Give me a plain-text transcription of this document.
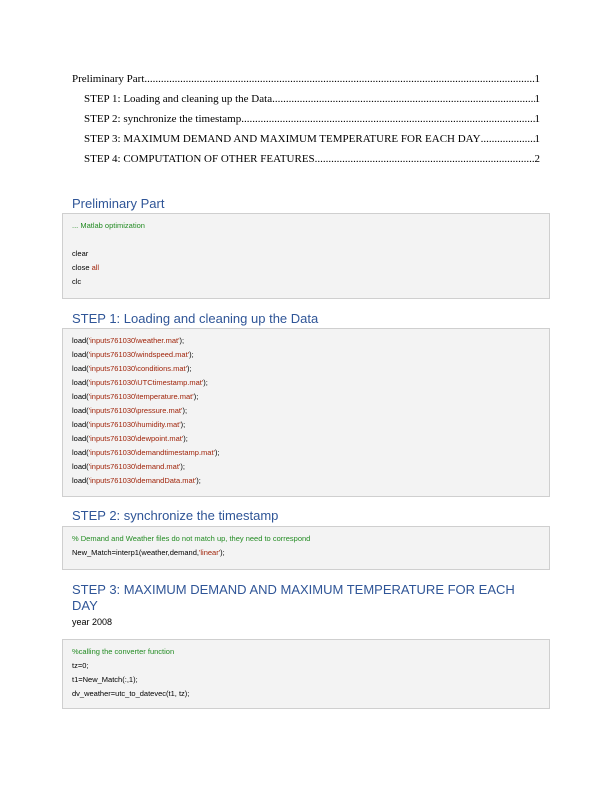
Preliminary Part .....	1
STEP 1: Loading and cleaning up the Data .....	1
STEP 2: synchronize the timestamp .....	1
STEP 3: MAXIMUM DEMAND AND MAXIMUM TEMPERATURE FOR EACH DAY .....	1
STEP 4: COMPUTATION OF OTHER FEATURES .....	2
Preliminary Part
... Matlab optimization
clear
close all
clc
STEP 1: Loading and cleaning up the Data
load('inputs761030\weather.mat');
load('inputs761030\windspeed.mat');
load('inputs761030\conditions.mat');
load('inputs761030\UTCtimestamp.mat');
load('inputs761030\temperature.mat');
load('inputs761030\pressure.mat');
load('inputs761030\humidity.mat');
load('inputs761030\dewpoint.mat');
load('inputs761030\demandtimestamp.mat');
load('inputs761030\demand.mat');
load('inputs761030\demandData.mat');
STEP 2: synchronize the timestamp
% Demand and Weather files do not match up, they need to correspond
New_Match=interp1(weather,demand,'linear');
STEP 3: MAXIMUM DEMAND AND MAXIMUM TEMPERATURE FOR EACH DAY
year 2008
%calling the converter function
tz=0;
t1=New_Match(:,1);
dv_weather=utc_to_datevec(t1, tz);
